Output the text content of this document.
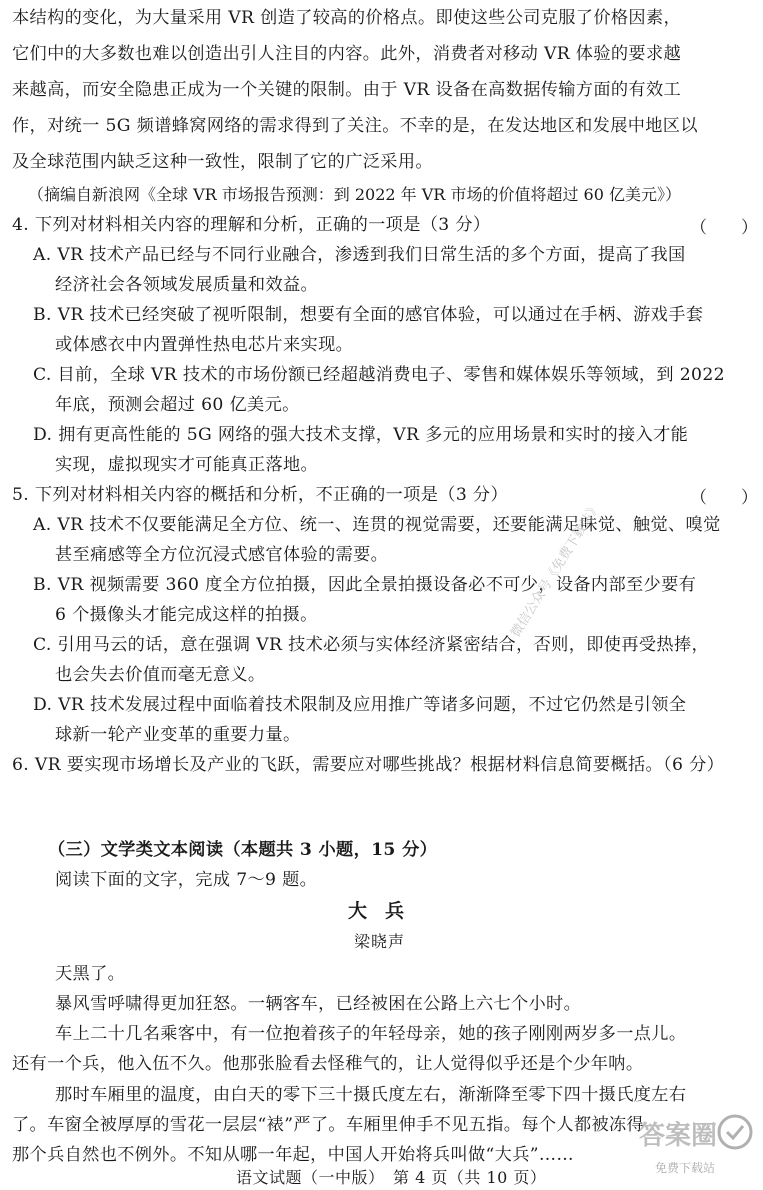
本结构的变化，为大量采用 VR 创造了较高的价格点。即使这些公司克服了价格因素，
它们中的大多数也难以创造出引人注目的内容。此外，消费者对移动 VR 体验的要求越
来越高，而安全隐患正成为一个关键的限制。由于 VR 设备在高数据传输方面的有效工
作，对统一 5G 频谱蜂窝网络的需求得到了关注。不幸的是，在发达地区和发展中地区以
及全球范围内缺乏这种一致性，限制了它的广泛采用。
（摘编自新浪网《全球 VR 市场报告预测：到 2022 年 VR 市场的价值将超过 60 亿美元》）
4. 下列对材料相关内容的理解和分析，正确的一项是（3 分）	（　　）
A. VR 技术产品已经与不同行业融合，渗透到我们日常生活的多个方面，提高了我国
经济社会各领域发展质量和效益。
B. VR 技术已经突破了视听限制，想要有全面的感官体验，可以通过在手柄、游戏手套
或体感衣中内置弹性热电芯片来实现。
C. 目前，全球 VR 技术的市场份额已经超越消费电子、零售和媒体娱乐等领域，到 2022
年底，预测会超过 60 亿美元。
D. 拥有更高性能的 5G 网络的强大技术支撑，VR 多元的应用场景和实时的接入才能
实现，虚拟现实才可能真正落地。
5. 下列对材料相关内容的概括和分析，不正确的一项是（3 分）	（　　）
A. VR 技术不仅要能满足全方位、统一、连贯的视觉需要，还要能满足味觉、触觉、嗅觉
甚至痛感等全方位沉浸式感官体验的需要。
B. VR 视频需要 360 度全方位拍摄，因此全景拍摄设备必不可少，设备内部至少要有
6 个摄像头才能完成这样的拍摄。
C. 引用马云的话，意在强调 VR 技术必须与实体经济紧密结合，否则，即使再受热捧，
也会失去价值而毫无意义。
D. VR 技术发展过程中面临着技术限制及应用推广等诸多问题，不过它仍然是引领全
球新一轮产业变革的重要力量。
6. VR 要实现市场增长及产业的飞跃，需要应对哪些挑战？根据材料信息简要概括。（6 分）
（三）文学类文本阅读（本题共 3 小题，15 分）
阅读下面的文字，完成 7～9 题。
大兵
梁晓声
天黑了。
暴风雪呼啸得更加狂怒。一辆客车，已经被困在公路上六七个小时。
车上二十几名乘客中，有一位抱着孩子的年轻母亲，她的孩子刚刚两岁多一点儿。
还有一个兵，他入伍不久。他那张脸看去怪稚气的，让人觉得似乎还是个少年呐。
那时车厢里的温度，由白天的零下三十摄氏度左右，渐渐降至零下四十摄氏度左右
了。车窗全被厚厚的雪花一层层“裱”严了。车厢里伸手不见五指。每个人都被冻得…
那个兵自然也不例外。不知从哪一年起，中国人开始将兵叫做“大兵”……
语文试题（一中版）　第 4 页（共 10 页）
微信公众号《免费下载站》
答案圈
免费下载站
